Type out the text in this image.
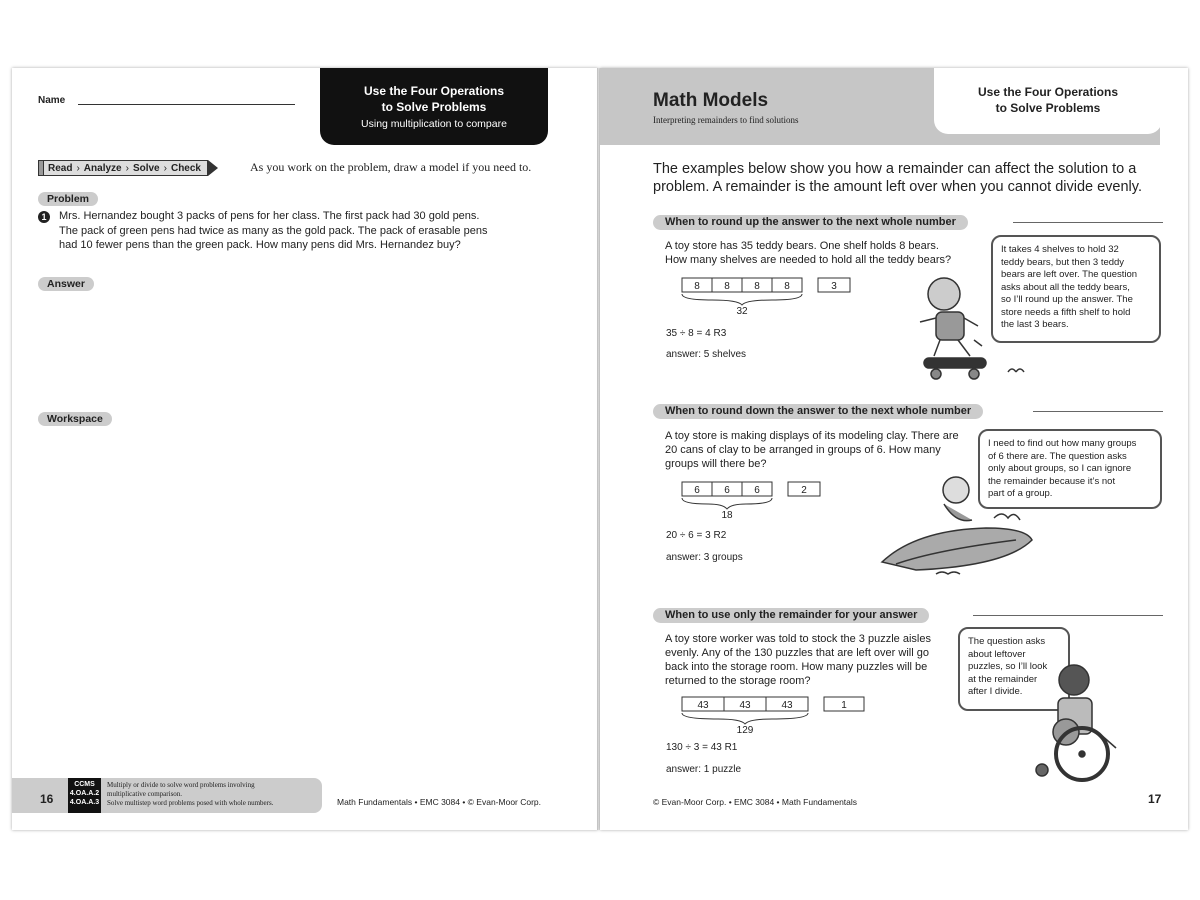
Name
Use the Four Operations
to Solve Problems
Using multiplication to compare
Read › Analyze › Solve › Check	As you work on the problem, draw a model if you need to.
Problem
1	Mrs. Hernandez bought 3 packs of pens for her class. The first pack had 30 gold pens.
The pack of green pens had twice as many as the gold pack. The pack of erasable pens
had 10 fewer pens than the green pack. How many pens did Mrs. Hernandez buy?
Answer
Workspace
16
CCMS
4.OA.A.2
4.OA.A.3
Multiply or divide to solve word problems involving
multiplicative comparison.
Solve multistep word problems posed with whole numbers.	Math Fundamentals • EMC 3084 • © Evan-Moor Corp.
Math Models
Interpreting remainders to find solutions
Use the Four Operations
to Solve Problems
The examples below show you how a remainder can affect the solution to a
problem. A remainder is the amount left over when you cannot divide evenly.
When to round up the answer to the next whole number
A toy store has 35 teddy bears. One shelf holds 8 bears.
How many shelves are needed to hold all the teddy bears?
8 8 8 8	3
32
35 ÷ 8 = 4 R3
answer: 5 shelves
It takes 4 shelves to hold 32
teddy bears, but then 3 teddy
bears are left over. The question
asks about all the teddy bears,
so I’ll round up the answer. The
store needs a fifth shelf to hold
the last 3 bears.
When to round down the answer to the next whole number
A toy store is making displays of its modeling clay. There are
20 cans of clay to be arranged in groups of 6. How many
groups will there be?
6 6 6	2
18
20 ÷ 6 = 3 R2
answer: 3 groups
I need to find out how many groups
of 6 there are. The question asks
only about groups, so I can ignore
the remainder because it’s not
part of a group.
When to use only the remainder for your answer
A toy store worker was told to stock the 3 puzzle aisles
evenly. Any of the 130 puzzles that are left over will go
back into the storage room. How many puzzles will be
returned to the storage room?
43	43	43	1
129
130 ÷ 3 = 43 R1
answer: 1 puzzle
The question asks
about leftover
puzzles, so I’ll look
at the remainder
after I divide.
© Evan-Moor Corp. • EMC 3084 • Math Fundamentals	17
